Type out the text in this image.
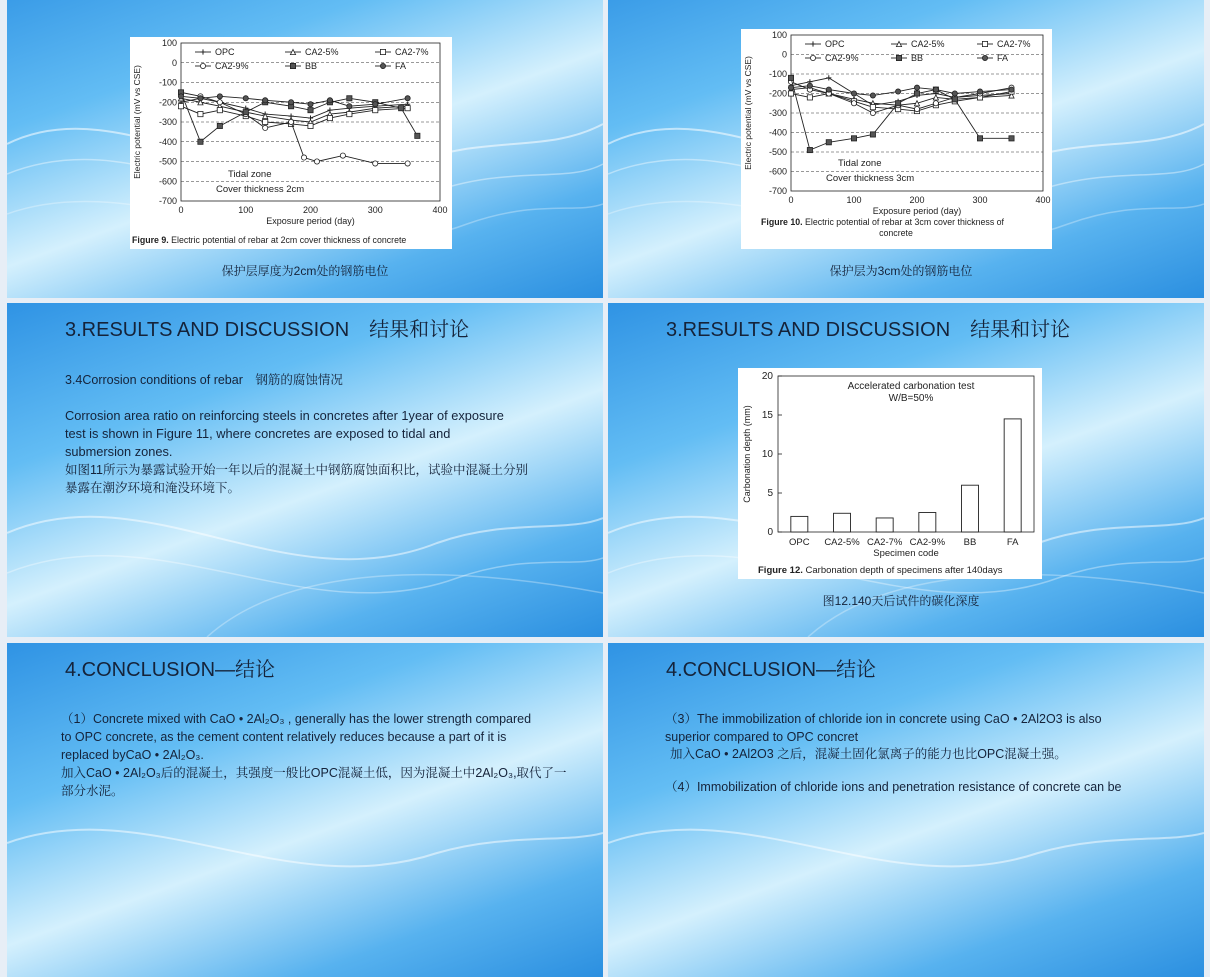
100
0
-100
-200
-300
-400
-500
-600
-700
0	100	200	300	400
Exposure period (day)
Electric potential (mV vs CSE)
OPC	CA2-5%	CA2-7%
CA2-9%	BB	FA
Tidal zone
Cover thickness 2cm
Figure 9. Electric potential of rebar at 2cm cover thickness of concrete
保护层厚度为2cm处的钢筋电位
100
0
-100
-200
-300
-400
-500
-600
-700
0	100	200	300	400
Exposure period (day)
Electric potential (mV vs CSE)
OPC	CA2-5%	CA2-7%
CA2-9%	BB	FA
Tidal zone
Cover thickness 3cm
Figure 10. Electric potential of rebar at 3cm cover thickness of
concrete
保护层为3cm处的钢筋电位
3.RESULTS AND DISCUSSION　结果和讨论
3.4Corrosion conditions of rebar　钢筋的腐蚀情况
Corrosion area ratio on reinforcing steels in concretes after 1year of exposure
test is shown in Figure 11, where concretes are exposed to tidal and
submersion zones.
如图11所示为暴露试验开始一年以后的混凝土中钢筋腐蚀面积比，试验中混凝土分别
暴露在潮汐环境和淹没环境下。
3.RESULTS AND DISCUSSION　结果和讨论
0
5
10
15
20
OPC CA2-5% CA2-7% CA2-9% BB	FA
Specimen code
Carbonation depth (mm)
Accelerated carbonation test
W/B=50%
Figure 12. Carbonation depth of specimens after 140days
图12.140天后试件的碳化深度
4.CONCLUSION—结论
（1）Concrete mixed with CaO • 2Al₂O₃ , generally has the lower strength compared
to OPC concrete, as the cement content relatively reduces because a part of it is
replaced byCaO • 2Al₂O₃.
加入CaO • 2Al₂O₃后的混凝土，其强度一般比OPC混凝土低，因为混凝土中2Al₂O₃,取代了一
部分水泥。
4.CONCLUSION—结论
（3）The immobilization of chloride ion in concrete using CaO • 2Al2O3 is also
superior compared to OPC concret
加入CaO • 2Al2O3 之后，混凝土固化氯离子的能力也比OPC混凝土强。
（4）Immobilization of chloride ions and penetration resistance of concrete can be
